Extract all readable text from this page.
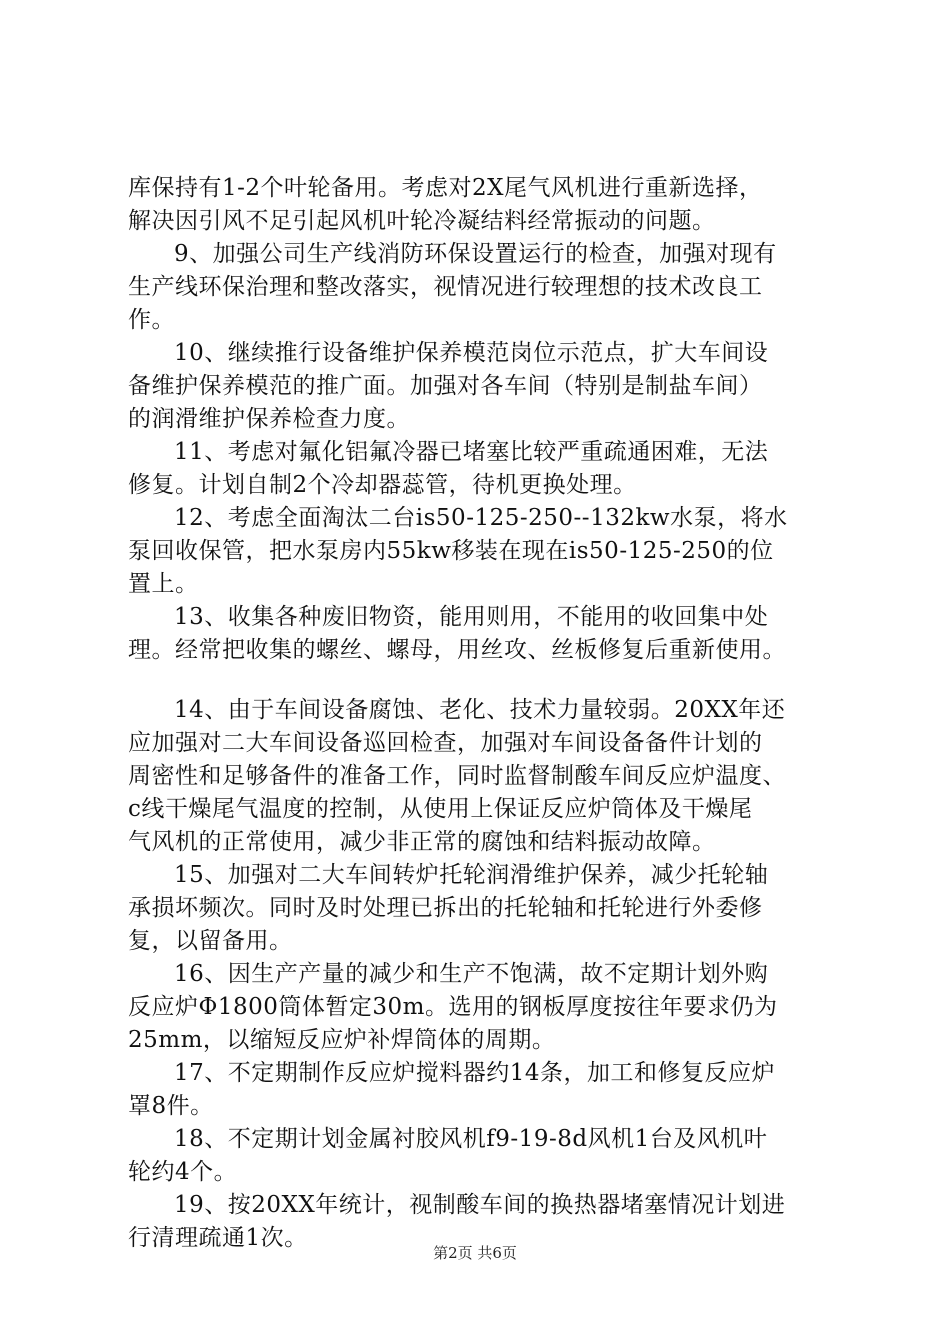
库保持有1-2个叶轮备用。考虑对2X尾气风机进行重新选择，
解决因引风不足引起风机叶轮冷凝结料经常振动的问题。
9、加强公司生产线消防环保设置运行的检查，加强对现有
生产线环保治理和整改落实，视情况进行较理想的技术改良工
作。
10、继续推行设备维护保养模范岗位示范点，扩大车间设
备维护保养模范的推广面。加强对各车间（特别是制盐车间）
的润滑维护保养检查力度。
11、考虑对氟化铝氟冷器已堵塞比较严重疏通困难，无法
修复。计划自制2个冷却器蕊管，待机更换处理。
12、考虑全面淘汰二台is50-125-250--132kw水泵，将水
泵回收保管，把水泵房内55kw移装在现在is50-125-250的位
置上。
13、收集各种废旧物资，能用则用，不能用的收回集中处
理。经常把收集的螺丝、螺母，用丝攻、丝板修复后重新使用。
14、由于车间设备腐蚀、老化、技术力量较弱。20XX年还
应加强对二大车间设备巡回检查，加强对车间设备备件计划的
周密性和足够备件的准备工作，同时监督制酸车间反应炉温度、
c线干燥尾气温度的控制，从使用上保证反应炉筒体及干燥尾
气风机的正常使用，减少非正常的腐蚀和结料振动故障。
15、加强对二大车间转炉托轮润滑维护保养，减少托轮轴
承损坏频次。同时及时处理已拆出的托轮轴和托轮进行外委修
复，以留备用。
16、因生产产量的减少和生产不饱满，故不定期计划外购
反应炉Φ1800筒体暂定30m。选用的钢板厚度按往年要求仍为
25mm，以缩短反应炉补焊筒体的周期。
17、不定期制作反应炉搅料器约14条，加工和修复反应炉
罩8件。
18、不定期计划金属衬胶风机f9-19-8d风机1台及风机叶
轮约4个。
19、按20XX年统计，视制酸车间的换热器堵塞情况计划进
行清理疏通1次。
第2页 共6页
